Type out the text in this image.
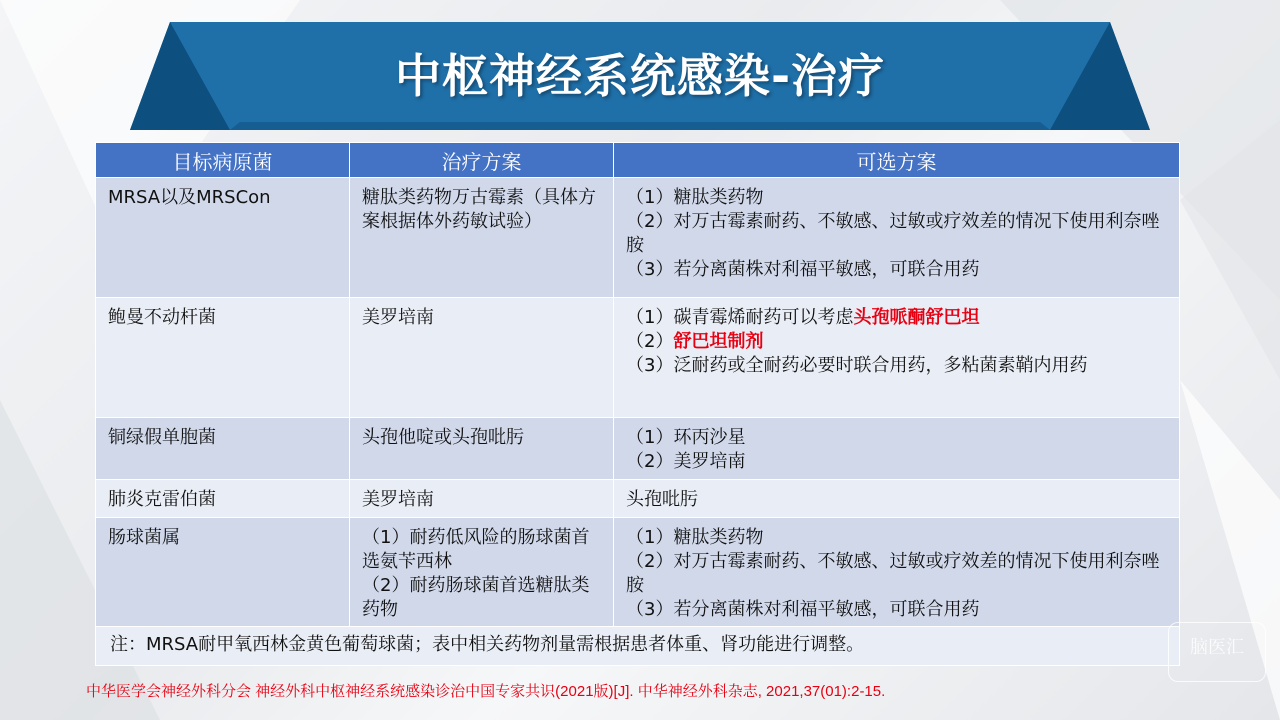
中枢神经系统感染-治疗
目标病原菌	治疗方案	可选方案
MRSA以及MRSCon	糖肽类药物万古霉素（具体方案根据体外药敏试验）	（1）糖肽类药物
（2）对万古霉素耐药、不敏感、过敏或疗效差的情况下使用利奈唑胺
（3）若分离菌株对利福平敏感，可联合用药

鲍曼不动杆菌	美罗培南	（1）碳青霉烯耐药可以考虑头孢哌酮舒巴坦
（2）舒巴坦制剂
（3）泛耐药或全耐药必要时联合用药，多粘菌素鞘内用药

铜绿假单胞菌	头孢他啶或头孢吡肟	（1）环丙沙星
（2）美罗培南

肺炎克雷伯菌	美罗培南	头孢吡肟

肠球菌属	（1）耐药低风险的肠球菌首选氨苄西林
（2）耐药肠球菌首选糖肽类药物	（1）糖肽类药物
（2）对万古霉素耐药、不敏感、过敏或疗效差的情况下使用利奈唑胺
（3）若分离菌株对利福平敏感，可联合用药

注：MRSA耐甲氧西林金黄色葡萄球菌；表中相关药物剂量需根据患者体重、肾功能进行调整。		
中华医学会神经外科分会 神经外科中枢神经系统感染诊治中国专家共识(2021版)[J]. 中华神经外科杂志, 2021,37(01):2-15.
脑医汇
